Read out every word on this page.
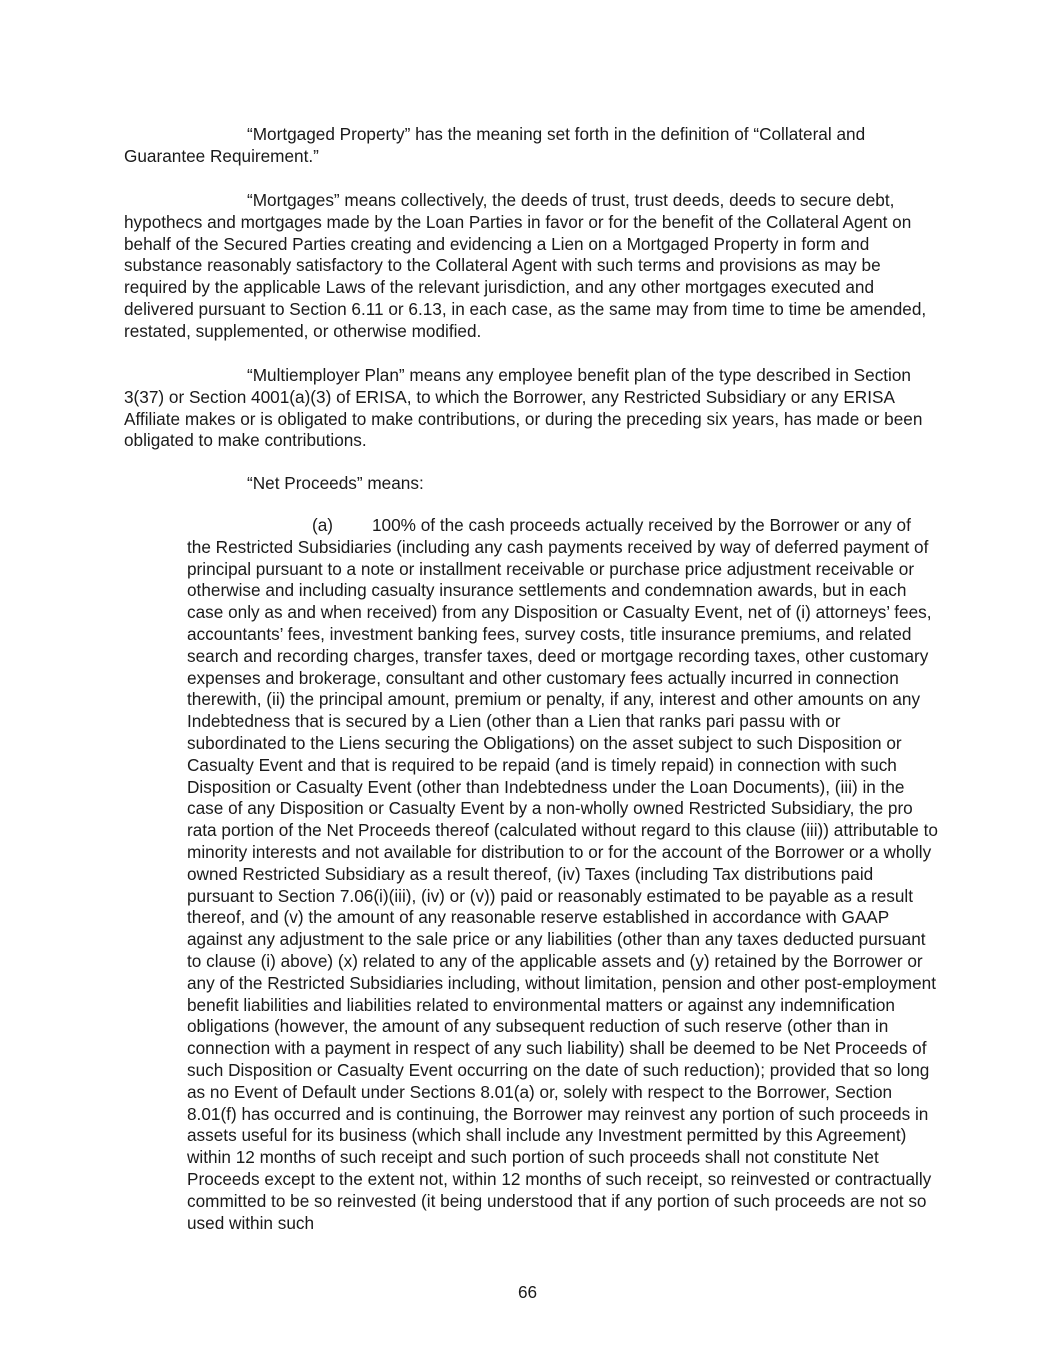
“Mortgaged Property” has the meaning set forth in the definition of “Collateral and Guarantee Requirement.”

“Mortgages” means collectively, the deeds of trust, trust deeds, deeds to secure debt, hypothecs and mortgages made by the Loan Parties in favor or for the benefit of the Collateral Agent on behalf of the Secured Parties creating and evidencing a Lien on a Mortgaged Property in form and substance reasonably satisfactory to the Collateral Agent with such terms and provisions as may be required by the applicable Laws of the relevant jurisdiction, and any other mortgages executed and delivered pursuant to Section 6.11 or 6.13, in each case, as the same may from time to time be amended, restated, supplemented, or otherwise modified.

“Multiemployer Plan” means any employee benefit plan of the type described in Section 3(37) or Section 4001(a)(3) of ERISA, to which the Borrower, any Restricted Subsidiary or any ERISA Affiliate makes or is obligated to make contributions, or during the preceding six years, has made or been obligated to make contributions.

“Net Proceeds” means:

(a) 100% of the cash proceeds actually received by the Borrower or any of the Restricted Subsidiaries (including any cash payments received by way of deferred payment of principal pursuant to a note or installment receivable or purchase price adjustment receivable or otherwise and including casualty insurance settlements and condemnation awards, but in each case only as and when received) from any Disposition or Casualty Event, net of (i) attorneys’ fees, accountants’ fees, investment banking fees, survey costs, title insurance premiums, and related search and recording charges, transfer taxes, deed or mortgage recording taxes, other customary expenses and brokerage, consultant and other customary fees actually incurred in connection therewith, (ii) the principal amount, premium or penalty, if any, interest and other amounts on any Indebtedness that is secured by a Lien (other than a Lien that ranks pari passu with or subordinated to the Liens securing the Obligations) on the asset subject to such Disposition or Casualty Event and that is required to be repaid (and is timely repaid) in connection with such Disposition or Casualty Event (other than Indebtedness under the Loan Documents), (iii) in the case of any Disposition or Casualty Event by a non-wholly owned Restricted Subsidiary, the pro rata portion of the Net Proceeds thereof (calculated without regard to this clause (iii)) attributable to minority interests and not available for distribution to or for the account of the Borrower or a wholly owned Restricted Subsidiary as a result thereof, (iv) Taxes (including Tax distributions paid pursuant to Section 7.06(i)(iii), (iv) or (v)) paid or reasonably estimated to be payable as a result thereof, and (v) the amount of any reasonable reserve established in accordance with GAAP against any adjustment to the sale price or any liabilities (other than any taxes deducted pursuant to clause (i) above) (x) related to any of the applicable assets and (y) retained by the Borrower or any of the Restricted Subsidiaries including, without limitation, pension and other post-employment benefit liabilities and liabilities related to environmental matters or against any indemnification obligations (however, the amount of any subsequent reduction of such reserve (other than in connection with a payment in respect of any such liability) shall be deemed to be Net Proceeds of such Disposition or Casualty Event occurring on the date of such reduction); provided that so long as no Event of Default under Sections 8.01(a) or, solely with respect to the Borrower, Section 8.01(f) has occurred and is continuing, the Borrower may reinvest any portion of such proceeds in assets useful for its business (which shall include any Investment permitted by this Agreement) within 12 months of such receipt and such portion of such proceeds shall not constitute Net Proceeds except to the extent not, within 12 months of such receipt, so reinvested or contractually committed to be so reinvested (it being understood that if any portion of such proceeds are not so used within such

66
